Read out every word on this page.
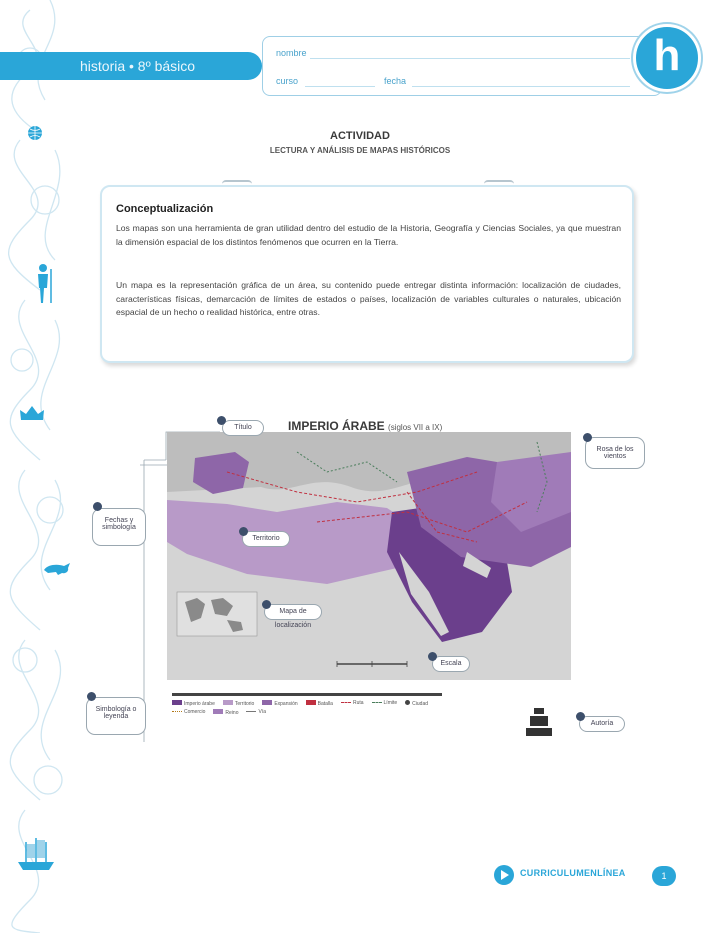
historia • 8º básico
nombre
curso	fecha
h
ACTIVIDAD
LECTURA Y ANÁLISIS DE MAPAS HISTÓRICOS
Conceptualización
Los mapas son una herramienta de gran utilidad dentro del estudio de la Historia, Geografía y Ciencias Sociales, ya que muestran la dimensión espacial de los distintos fenómenos que ocurren en la Tierra.
Un mapa es la representación gráfica de un área, su contenido puede entregar distinta información: localización de ciudades, características físicas, demarcación de límites de estados o países, localización de variables culturales o naturales, ubicación espacial de un hecho o realidad histórica, entre otras.
IMPERIO ÁRABE (siglos VII a IX)
Título
Rosa de los vientos
Fechas y simbología
Territorio
Mapa de localización
Escala
Simbología o leyenda
Autoría
Imperio árabe	Territorio	Expansión	Batalla	Ruta	Límite	Ciudad
Comercio	Reino	Vía
CURRICULUMENLÍNEA	1
